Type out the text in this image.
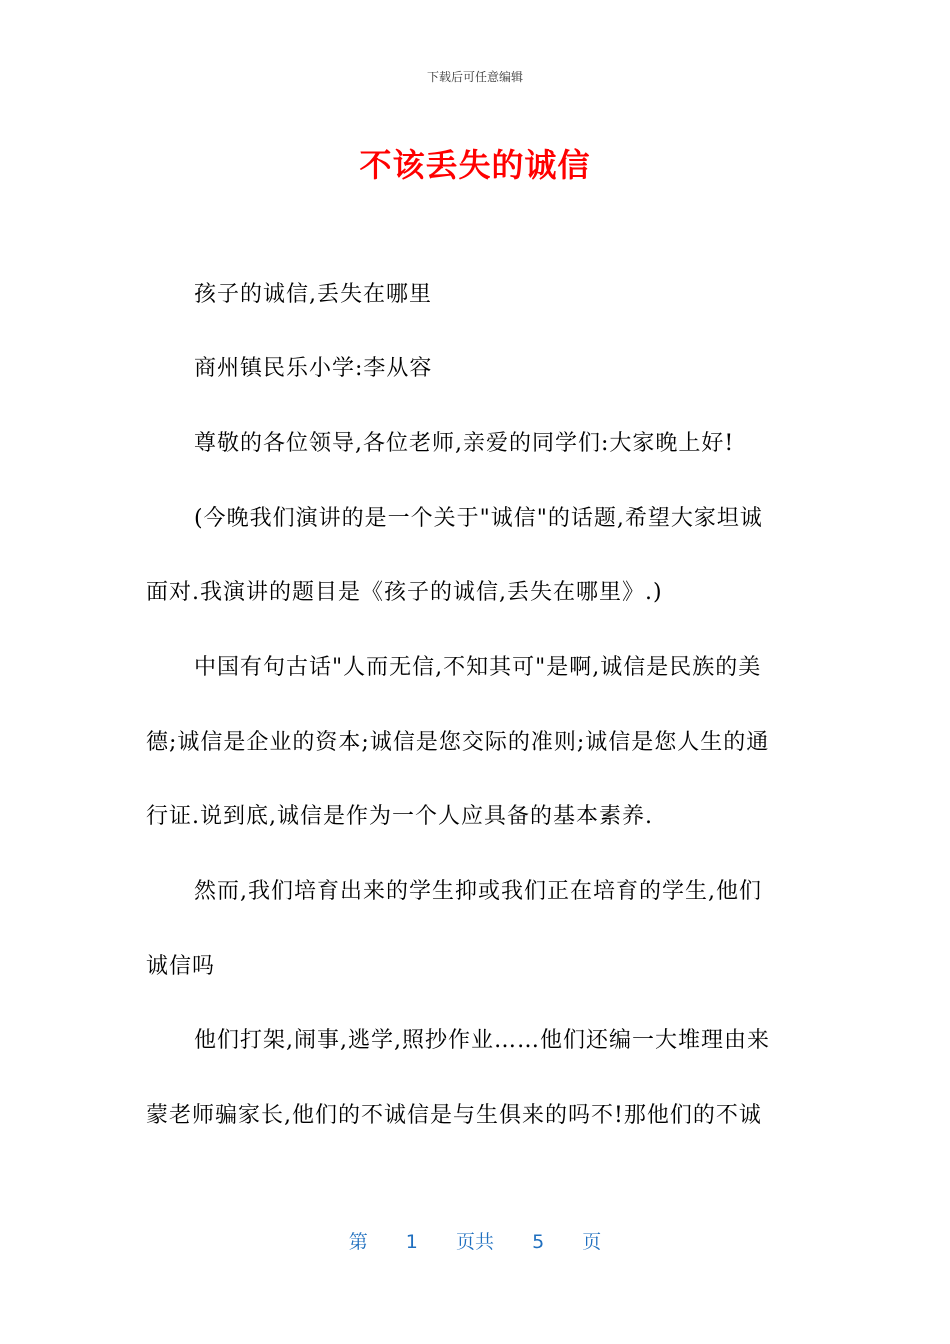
下载后可任意编辑
不该丢失的诚信
孩子的诚信,丢失在哪里
商州镇民乐小学:李从容
尊敬的各位领导,各位老师,亲爱的同学们:大家晚上好!
(今晚我们演讲的是一个关于"诚信"的话题,希望大家坦诚
面对.我演讲的题目是《孩子的诚信,丢失在哪里》.)
中国有句古话"人而无信,不知其可"是啊,诚信是民族的美
德;诚信是企业的资本;诚信是您交际的准则;诚信是您人生的通
行证.说到底,诚信是作为一个人应具备的基本素养.
然而,我们培育出来的学生抑或我们正在培育的学生,他们
诚信吗
他们打架,闹事,逃学,照抄作业……他们还编一大堆理由来
蒙老师骗家长,他们的不诚信是与生俱来的吗不!那他们的不诚
第 1 页共 5 页
